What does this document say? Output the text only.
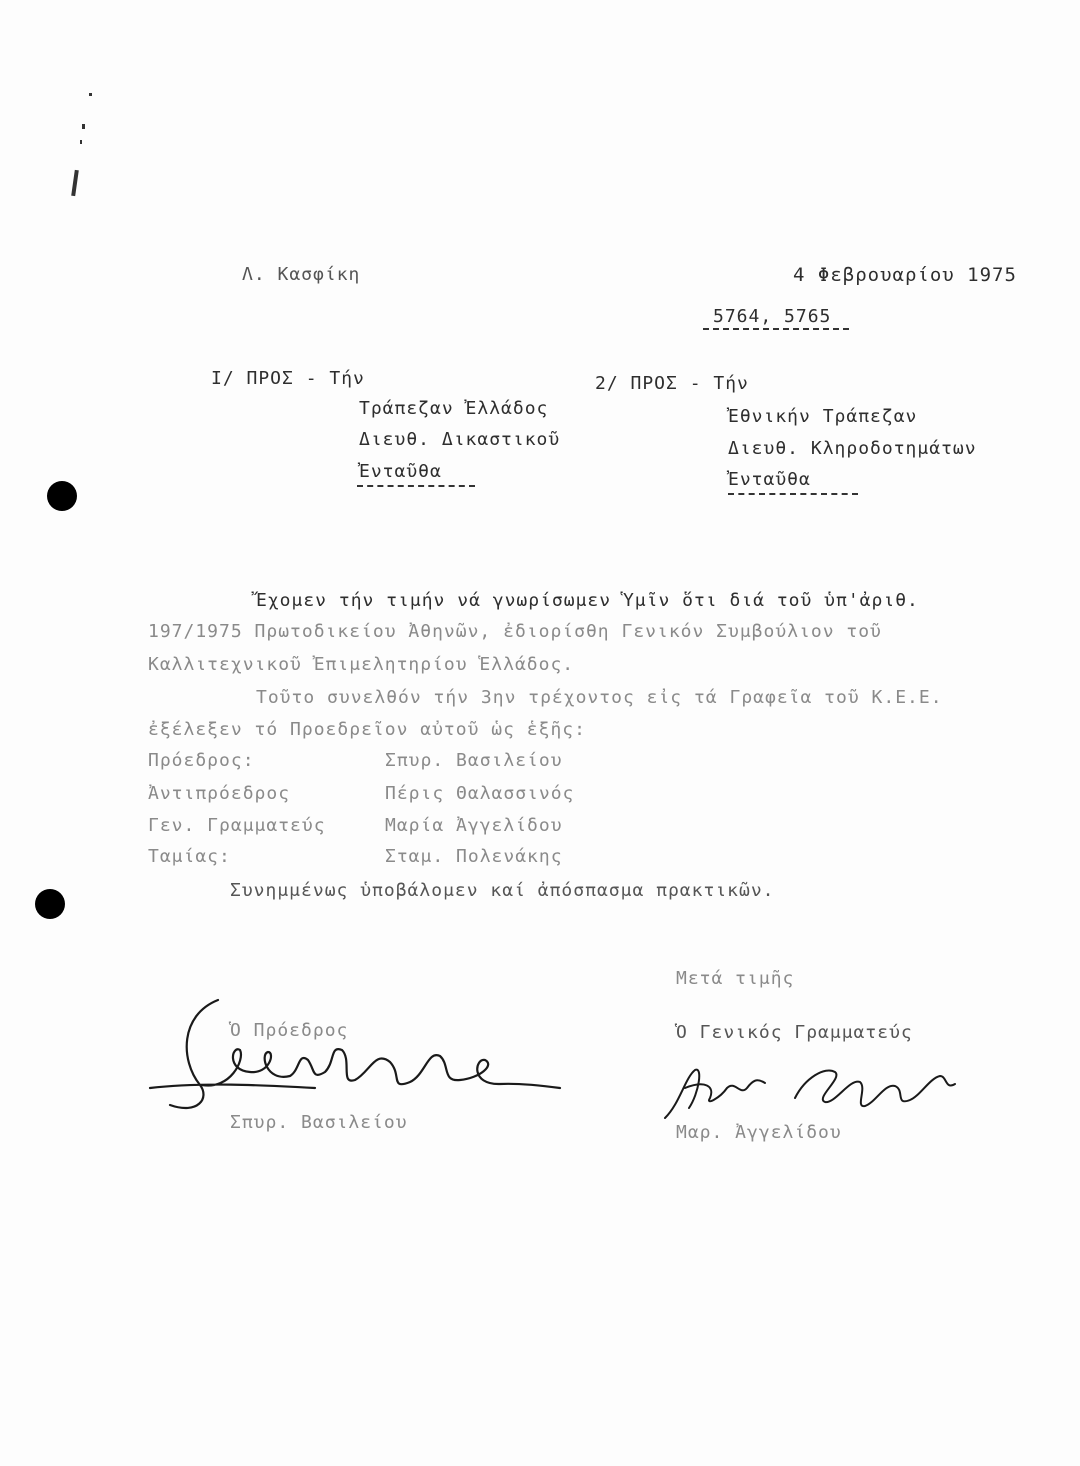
Λ. Κασφίκη	4 Φεβρουαρίου 1975
5764, 5765
I/ ΠΡΟΣ - Τήν
Τράπεζαν Ἐλλάδος
Διευθ. Δικαστικοῦ
Ἐνταῦθα
2/ ΠΡΟΣ - Τήν
Ἐθνικήν Τράπεζαν
Διευθ. Κληροδοτημάτων
Ἐνταῦθα
Ἔχομεν τήν τιμήν νά γνωρίσωμεν Ὑμῖν ὅτι διά τοῦ ὑπ'ἀριθ.
197/1975 Πρωτοδικείου Ἀθηνῶν, ἐδιορίσθη Γενικόν Συμβούλιον τοῦ
Καλλιτεχνικοῦ Ἐπιμελητηρίου Ἑλλάδος.
Τοῦτο συνελθόν τήν 3ην τρέχοντος εἰς τά Γραφεῖα τοῦ Κ.Ε.Ε.
ἐξέλεξεν τό Προεδρεῖον αὐτοῦ ὡς ἑξῆς:
Πρόεδρος:	Σπυρ. Βασιλείου
Ἀντιπρόεδρος	Πέρις Θαλασσινός
Γεν. Γραμματεύς	Μαρία Ἀγγελίδου
Ταμίας:	Σταμ. Πολενάκης
Συνημμένως ὑποβάλομεν καί ἀπόσπασμα πρακτικῶν.
Μετά τιμῆς
Ὁ Πρόεδρος
Σπυρ. Βασιλείου
Ὁ Γενικός Γραμματεύς
Μαρ. Ἀγγελίδου
